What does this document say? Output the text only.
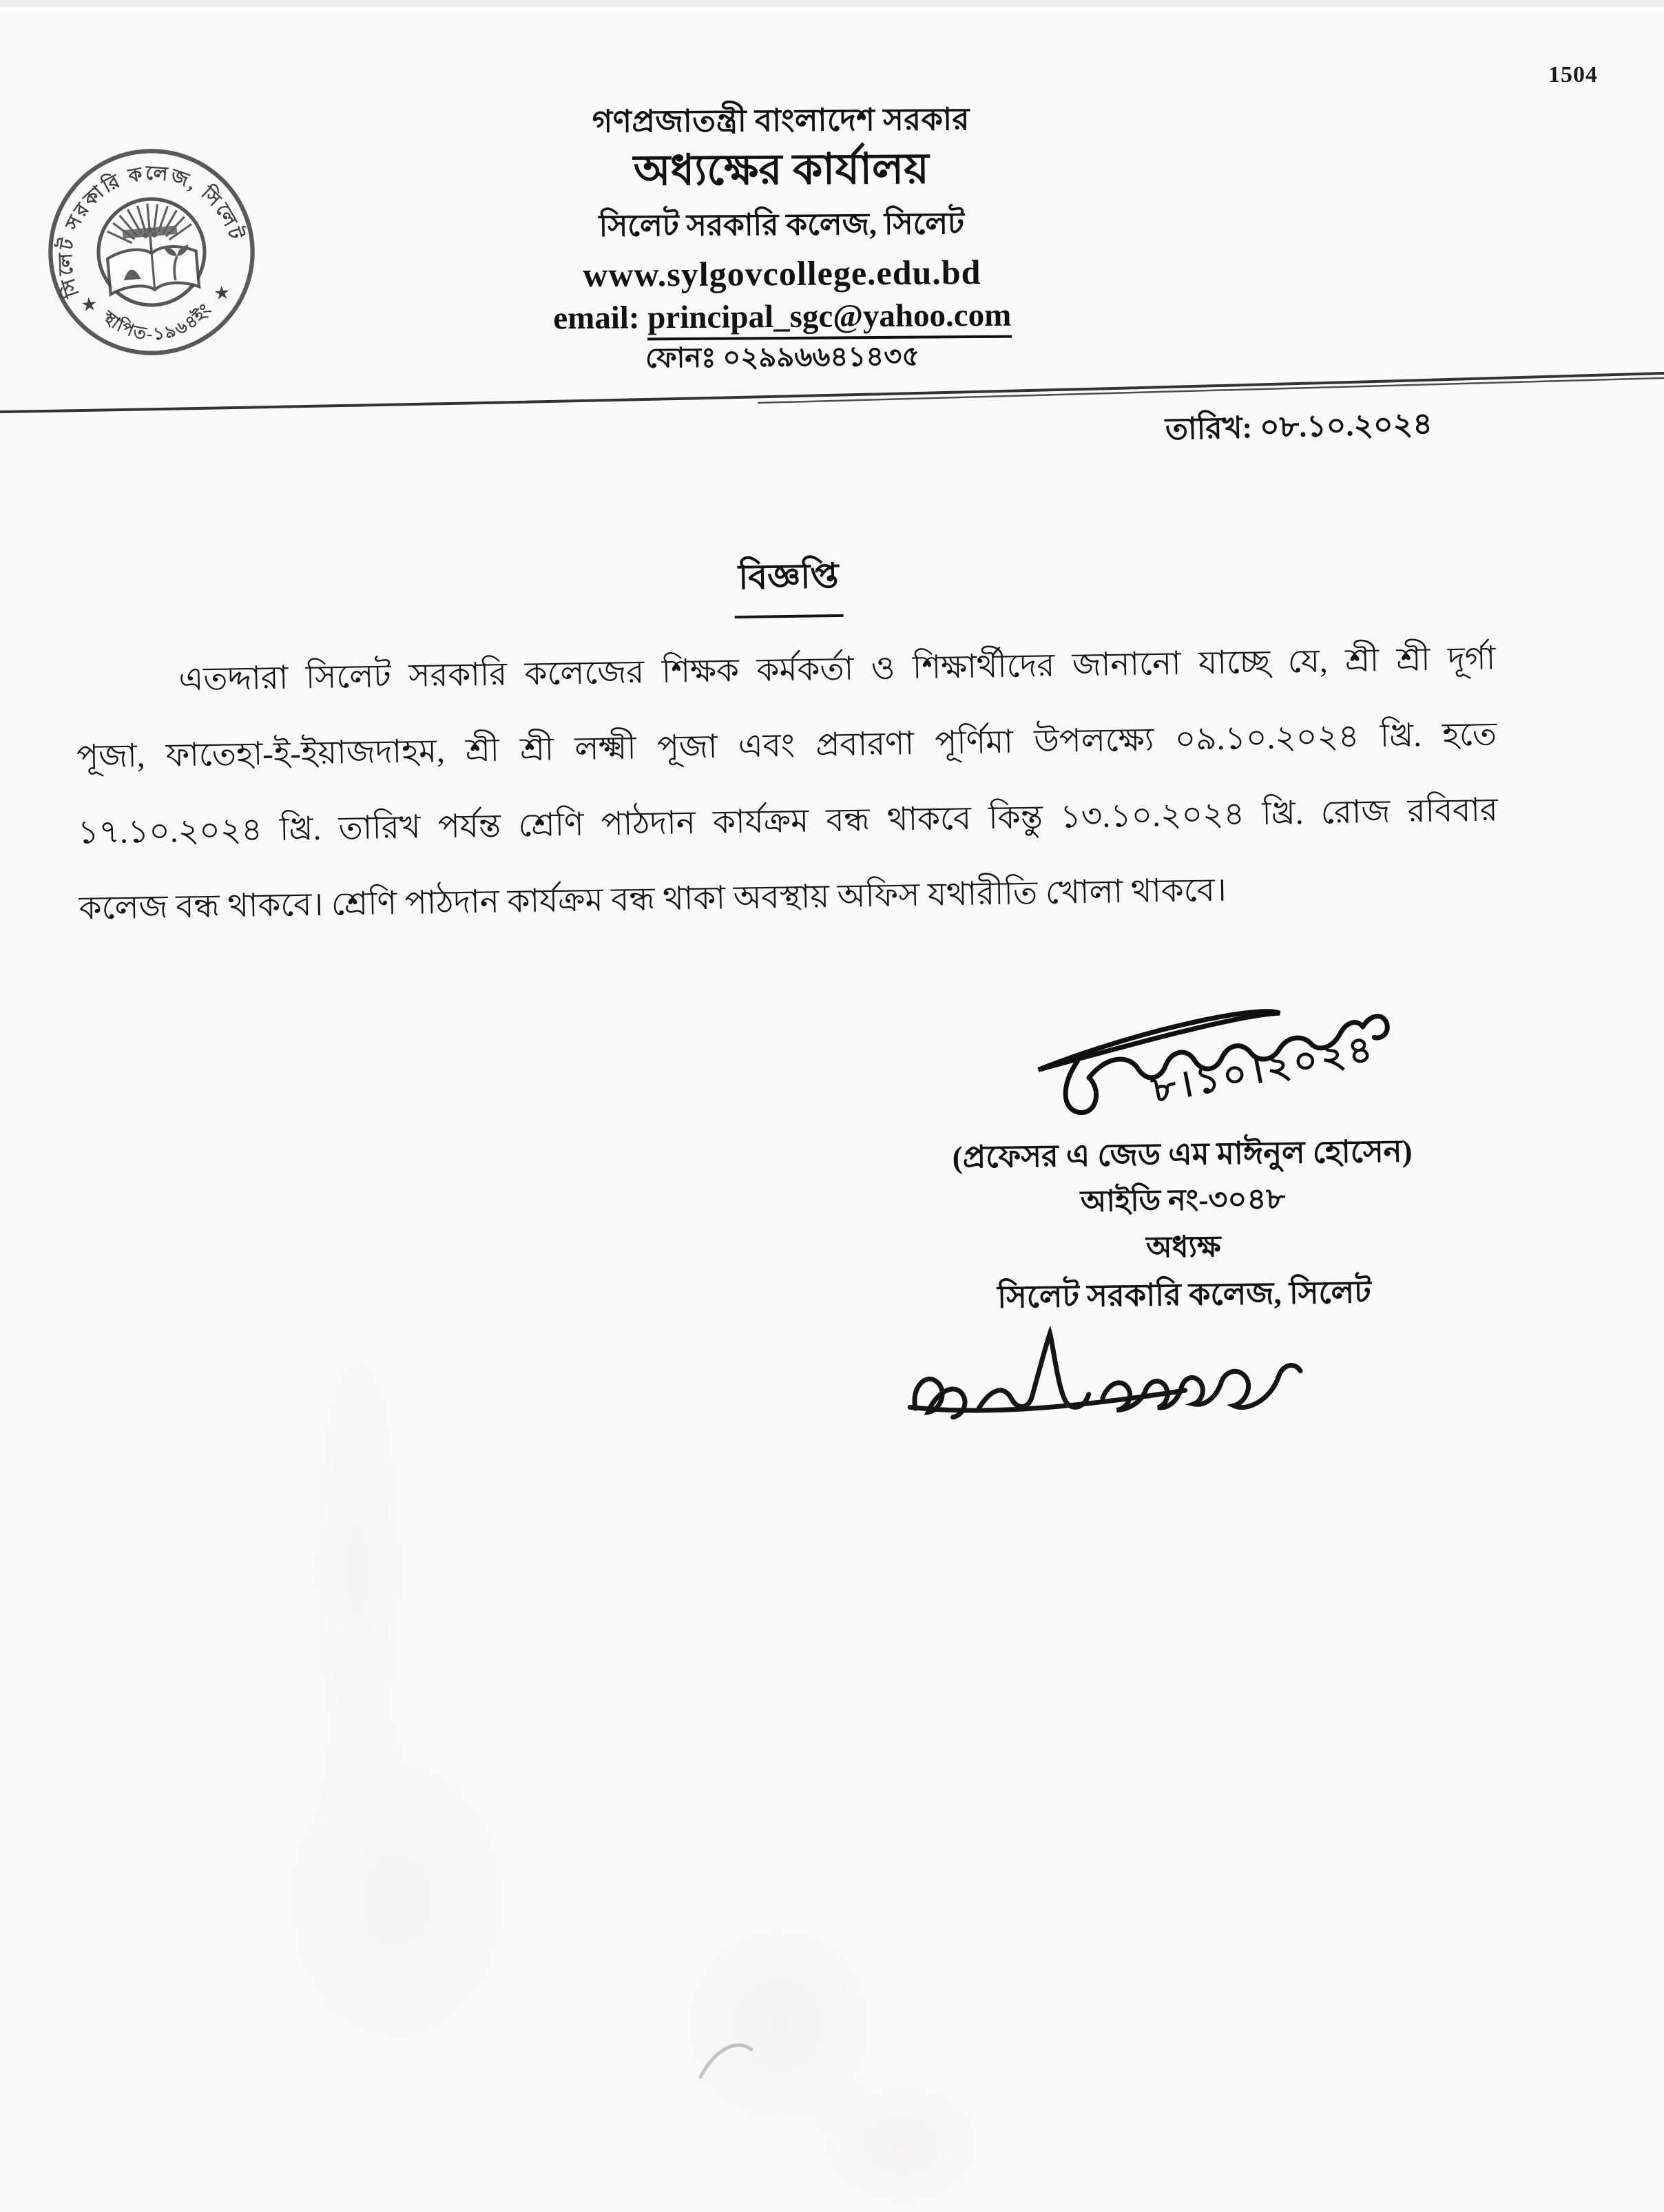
1504
সিলেট সরকারি কলেজ, সিলেট
স্থাপিত-১৯৬৪ইং
★
★
গণপ্রজাতন্ত্রী বাংলাদেশ সরকার
অধ্যক্ষের কার্যালয়
সিলেট সরকারি কলেজ, সিলেট
www.sylgovcollege.edu.bd
email: principal_sgc@yahoo.com
ফোনঃ ০২৯৯৬৬৪১৪৩৫
তারিখ: ০৮.১০.২০২৪
বিজ্ঞপ্তি
এতদ্দারা সিলেট সরকারি কলেজের শিক্ষক কর্মকর্তা ও শিক্ষার্থীদের জানানো যাচ্ছে যে, শ্রী শ্রী দূর্গা
পূজা, ফাতেহা-ই-ইয়াজদাহম, শ্রী শ্রী লক্ষ্মী পূজা এবং প্রবারণা পূর্ণিমা উপলক্ষ্যে ০৯.১০.২০২৪ খ্রি. হতে
১৭.১০.২০২৪ খ্রি. তারিখ পর্যন্ত শ্রেণি পাঠদান কার্যক্রম বন্ধ থাকবে কিন্তু ১৩.১০.২০২৪ খ্রি. রোজ রবিবার
কলেজ বন্ধ থাকবে। শ্রেণি পাঠদান কার্যক্রম বন্ধ থাকা অবস্থায় অফিস যথারীতি খোলা থাকবে।
৮।১০।২০২৪
(প্রফেসর এ জেড এম মাঈনুল হোসেন)
আইডি নং-৩০৪৮
অধ্যক্ষ
সিলেট সরকারি কলেজ, সিলেট
